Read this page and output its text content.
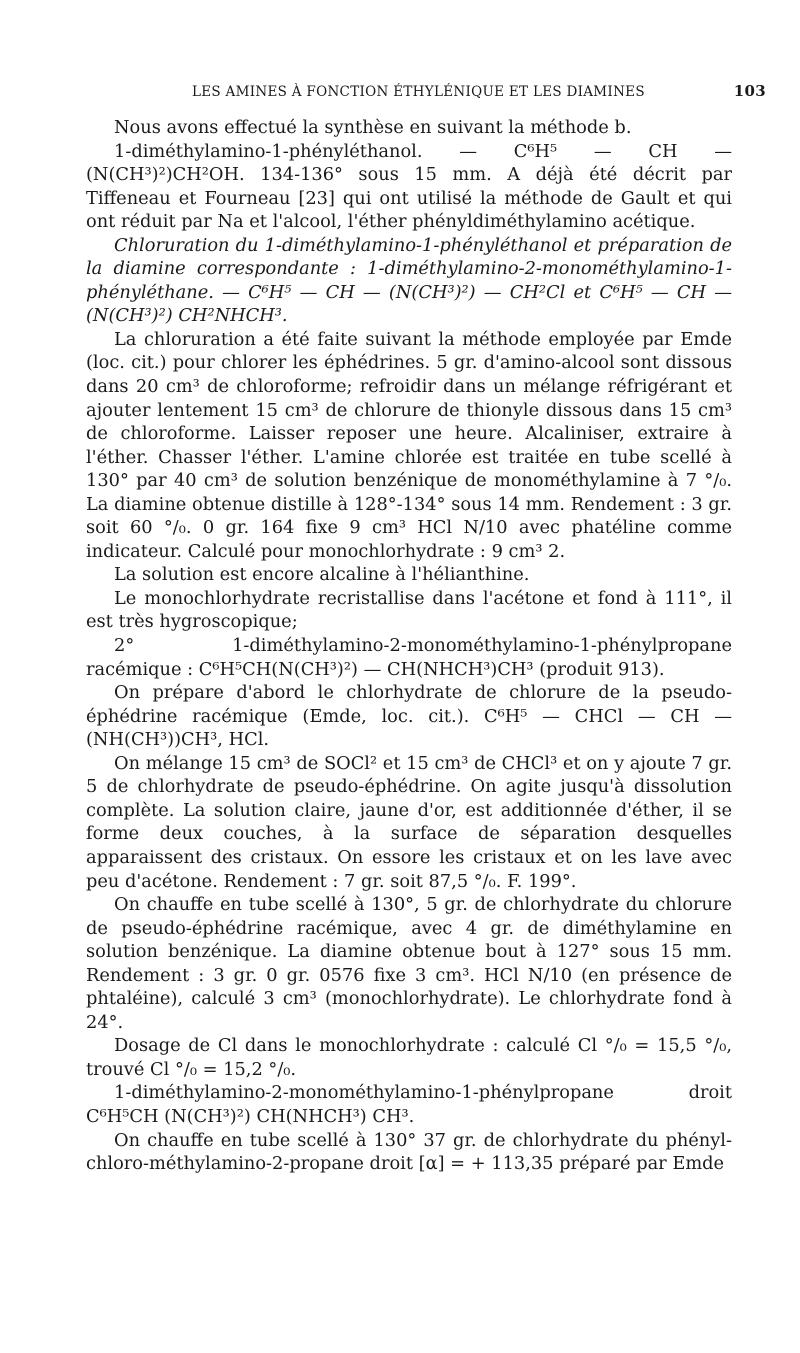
LES AMINES À FONCTION ÉTHYLÉNIQUE ET LES DIAMINES	103

Nous avons effectué la synthèse en suivant la méthode b.

1-diméthylamino-1-phényléthanol. — C⁶H⁵ — CH — (N(CH³)²)CH²OH. 134-136° sous 15 mm. A déjà été décrit par Tiffeneau et Fourneau [23] qui ont utilisé la méthode de Gault et qui ont réduit par Na et l'alcool, l'éther phényldiméthylamino acétique.

Chloruration du 1-diméthylamino-1-phényléthanol et préparation de la diamine correspondante : 1-diméthylamino-2-monométhylamino-1-phényléthane. — C⁶H⁵ — CH — (N(CH³)²) — CH²Cl et C⁶H⁵ — CH — (N(CH³)²) CH²NHCH³.

La chloruration a été faite suivant la méthode employée par Emde (loc. cit.) pour chlorer les éphédrines. 5 gr. d'amino-alcool sont dissous dans 20 cm³ de chloroforme; refroidir dans un mélange réfrigérant et ajouter lentement 15 cm³ de chlorure de thionyle dissous dans 15 cm³ de chloroforme. Laisser reposer une heure. Alcaliniser, extraire à l'éther. Chasser l'éther. L'amine chlorée est traitée en tube scellé à 130° par 40 cm³ de solution benzénique de monométhylamine à 7 °/₀. La diamine obtenue distille à 128°-134° sous 14 mm. Rendement : 3 gr. soit 60 °/₀. 0 gr. 164 fixe 9 cm³ HCl N/10 avec phatéline comme indicateur. Calculé pour monochlorhydrate : 9 cm³ 2.

La solution est encore alcaline à l'hélianthine.

Le monochlorhydrate recristallise dans l'acétone et fond à 111°, il est très hygroscopique;

2° 1-diméthylamino-2-monométhylamino-1-phénylpropane racémique : C⁶H⁵CH(N(CH³)²) — CH(NHCH³)CH³ (produit 913).

On prépare d'abord le chlorhydrate de chlorure de la pseudo-éphédrine racémique (Emde, loc. cit.). C⁶H⁵ — CHCl — CH — (NH(CH³))CH³, HCl.

On mélange 15 cm³ de SOCl² et 15 cm³ de CHCl³ et on y ajoute 7 gr. 5 de chlorhydrate de pseudo-éphédrine. On agite jusqu'à dissolution complète. La solution claire, jaune d'or, est additionnée d'éther, il se forme deux couches, à la surface de séparation desquelles apparaissent des cristaux. On essore les cristaux et on les lave avec peu d'acétone. Rendement : 7 gr. soit 87,5 °/₀. F. 199°.

On chauffe en tube scellé à 130°, 5 gr. de chlorhydrate du chlorure de pseudo-éphédrine racémique, avec 4 gr. de diméthylamine en solution benzénique. La diamine obtenue bout à 127° sous 15 mm. Rendement : 3 gr. 0 gr. 0576 fixe 3 cm³. HCl N/10 (en présence de phtaléine), calculé 3 cm³ (monochlorhydrate). Le chlorhydrate fond à 24°.

Dosage de Cl dans le monochlorhydrate : calculé Cl °/₀ = 15,5 °/₀, trouvé Cl °/₀ = 15,2 °/₀.

1-diméthylamino-2-monométhylamino-1-phénylpropane droit C⁶H⁵CH (N(CH³)²) CH(NHCH³) CH³.

On chauffe en tube scellé à 130° 37 gr. de chlorhydrate du phényl-chloro-méthylamino-2-propane droit [α] = + 113,35 préparé par Emde
